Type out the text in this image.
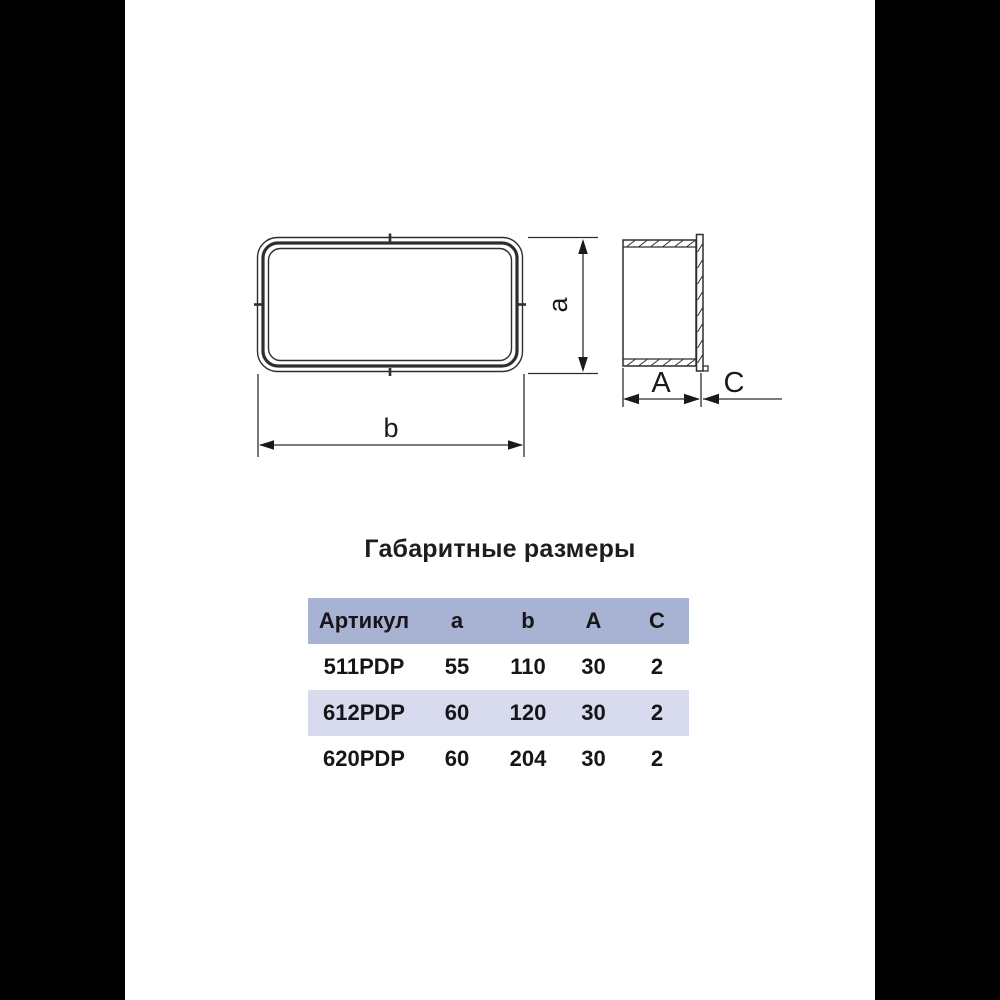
a
b
A C
Габаритные размеры
Артикул	a	b	A	C
511PDP	55	110	30	2
612PDP	60	120	30	2
620PDP	60	204	30	2
